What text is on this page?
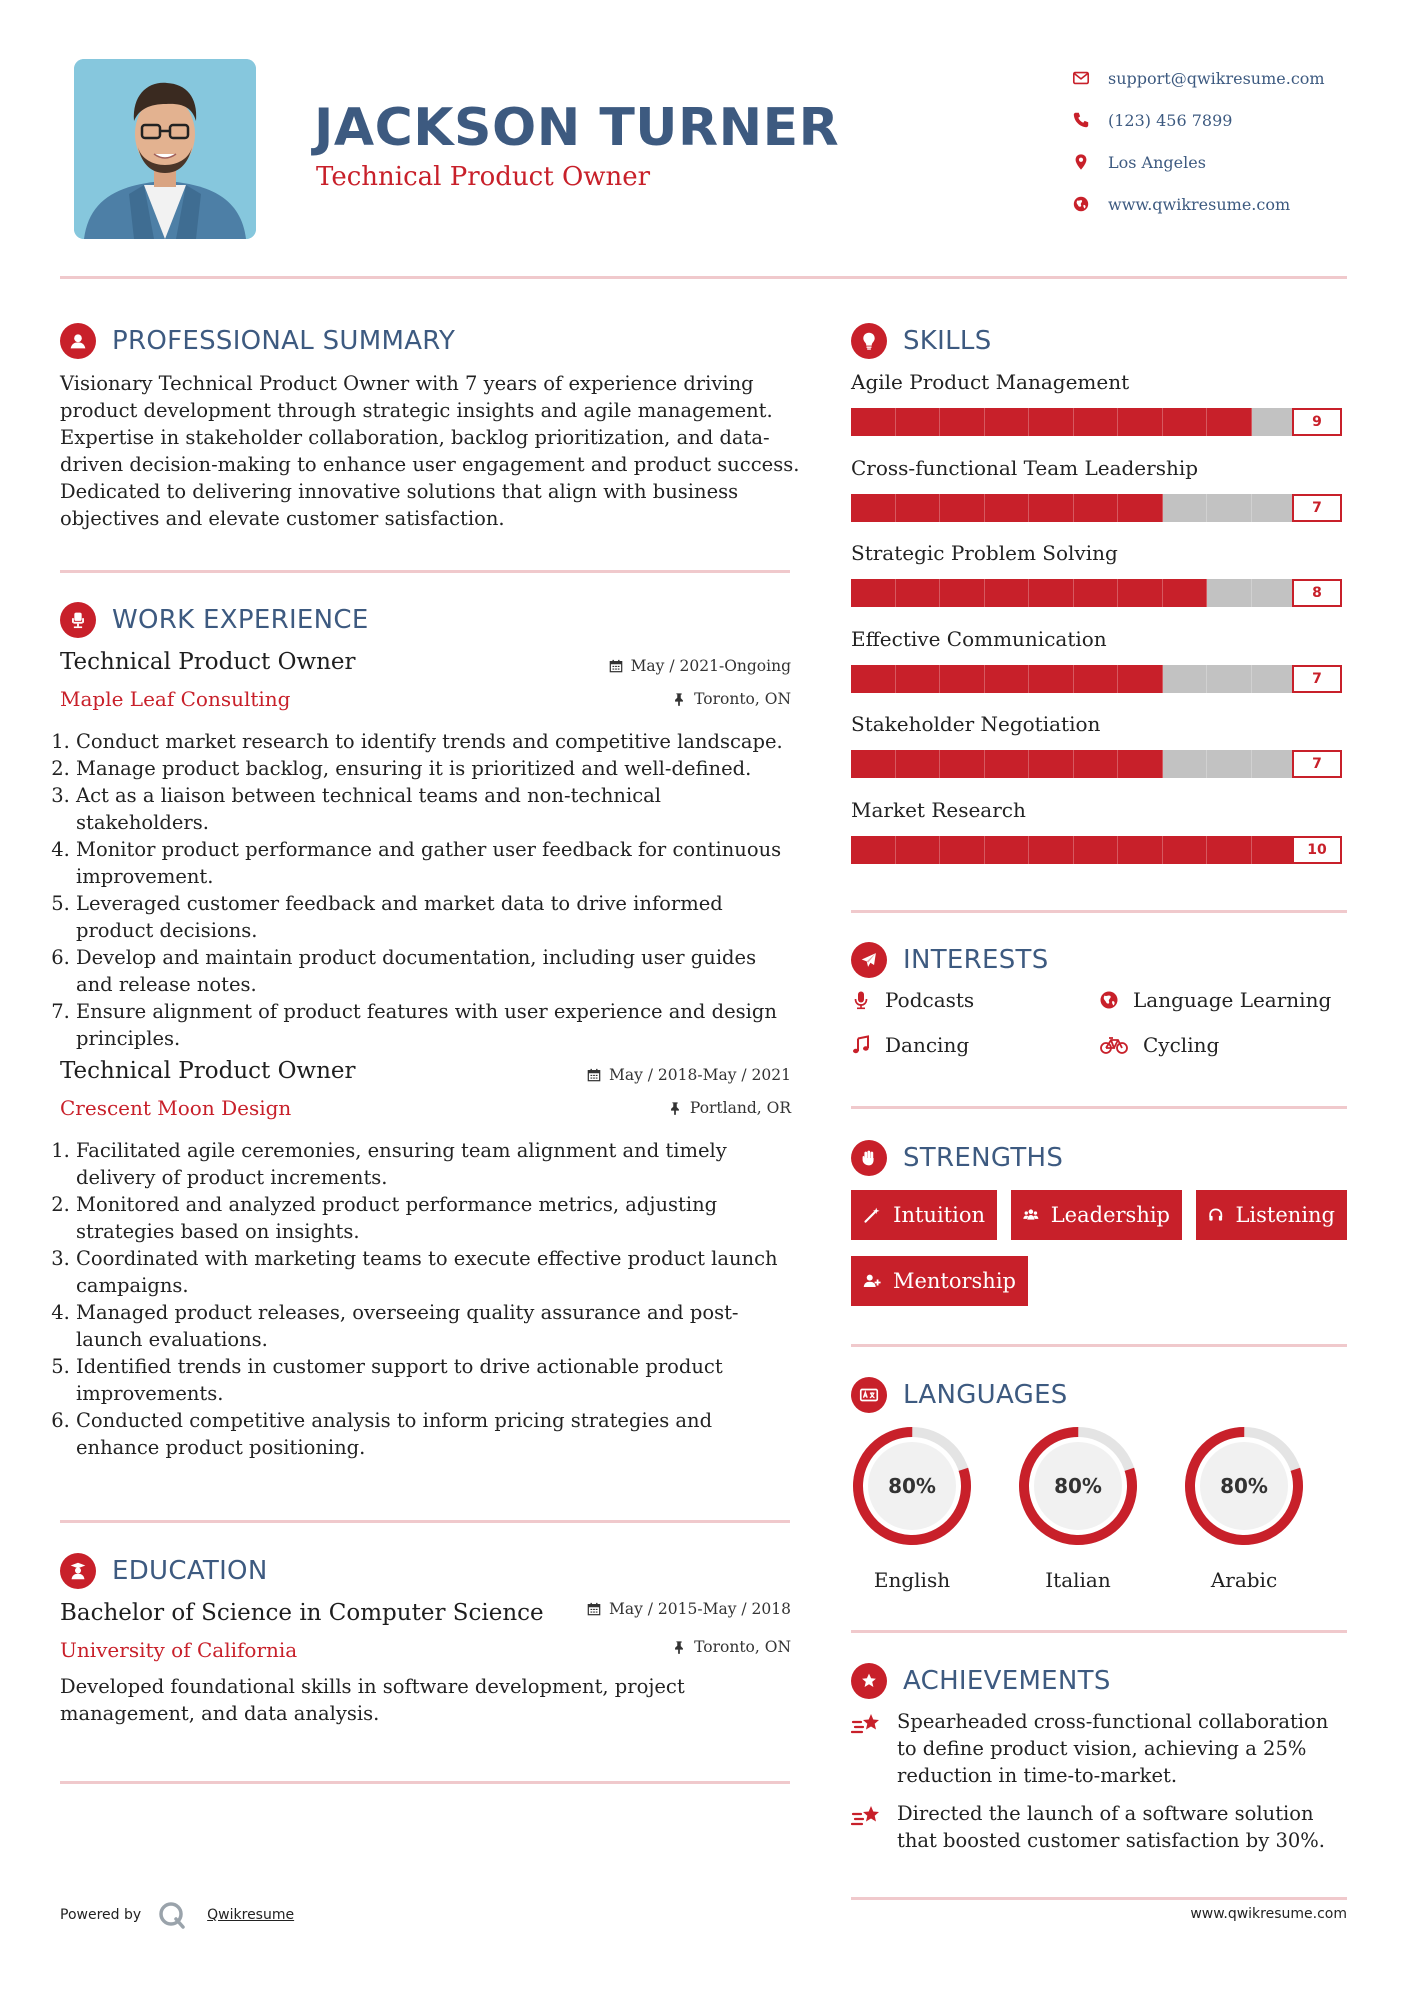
JACKSON TURNER
Technical Product Owner
support@qwikresume.com
(123) 456 7899
Los Angeles
www.qwikresume.com
PROFESSIONAL SUMMARY
Visionary Technical Product Owner with 7 years of experience driving product development through strategic insights and agile management. Expertise in stakeholder collaboration, backlog prioritization, and data-driven decision-making to enhance user engagement and product success. Dedicated to delivering innovative solutions that align with business objectives and elevate customer satisfaction.
WORK EXPERIENCE
Technical Product Owner
Maple Leaf Consulting
May / 2021-Ongoing
Toronto, ON
1. Conduct market research to identify trends and competitive landscape.
2. Manage product backlog, ensuring it is prioritized and well-defined.
3. Act as a liaison between technical teams and non-technical stakeholders.
4. Monitor product performance and gather user feedback for continuous improvement.
5. Leveraged customer feedback and market data to drive informed product decisions.
6. Develop and maintain product documentation, including user guides and release notes.
7. Ensure alignment of product features with user experience and design principles.
Technical Product Owner
Crescent Moon Design
May / 2018-May / 2021
Portland, OR
1. Facilitated agile ceremonies, ensuring team alignment and timely delivery of product increments.
2. Monitored and analyzed product performance metrics, adjusting strategies based on insights.
3. Coordinated with marketing teams to execute effective product launch campaigns.
4. Managed product releases, overseeing quality assurance and post-launch evaluations.
5. Identified trends in customer support to drive actionable product improvements.
6. Conducted competitive analysis to inform pricing strategies and enhance product positioning.
EDUCATION
Bachelor of Science in Computer Science
University of California
May / 2015-May / 2018
Toronto, ON
Developed foundational skills in software development, project management, and data analysis.
SKILLS
Agile Product Management
9
Cross-functional Team Leadership
7
Strategic Problem Solving
8
Effective Communication
7
Stakeholder Negotiation
7
Market Research
10
INTERESTS
Podcasts	Language Learning
Dancing	Cycling
STRENGTHS
Intuition	Leadership	Listening
Mentorship
LANGUAGES
80%
English
80%
Italian
80%
Arabic
ACHIEVEMENTS
Spearheaded cross-functional collaboration to define product vision, achieving a 25% reduction in time-to-market.
Directed the launch of a software solution that boosted customer satisfaction by 30%.
Powered by	Qwikresume	www.qwikresume.com
